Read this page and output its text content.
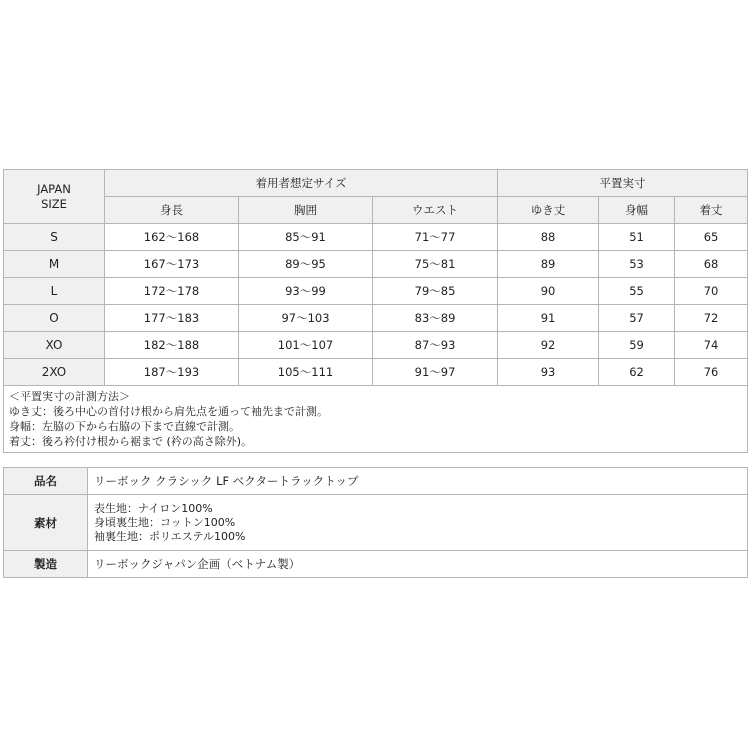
JAPAN
SIZE	着用者想定サイズ			平置実寸		
	身長	胸囲	ウエスト	ゆき丈	身幅	着丈
S	162〜168	85〜91	71〜77	88	51	65
M	167〜173	89〜95	75〜81	89	53	68
L	172〜178	93〜99	79〜85	90	55	70
O	177〜183	97〜103	83〜89	91	57	72
XO	182〜188	101〜107	87〜93	92	59	74
2XO	187〜193	105〜111	91〜97	93	62	76

＜平置実寸の計測方法＞
ゆき丈：後ろ中心の首付け根から肩先点を通って袖先まで計測。
身幅：左脇の下から右脇の下まで直線で計測。
着丈：後ろ衿付け根から裾まで (衿の高さ除外)。						
品名	リーボック クラシック LF ベクタートラックトップ
素材	表生地：ナイロン100%
身頃裏生地：コットン100%
袖裏生地：ポリエステル100%

製造	リーボックジャパン企画（ベトナム製）
